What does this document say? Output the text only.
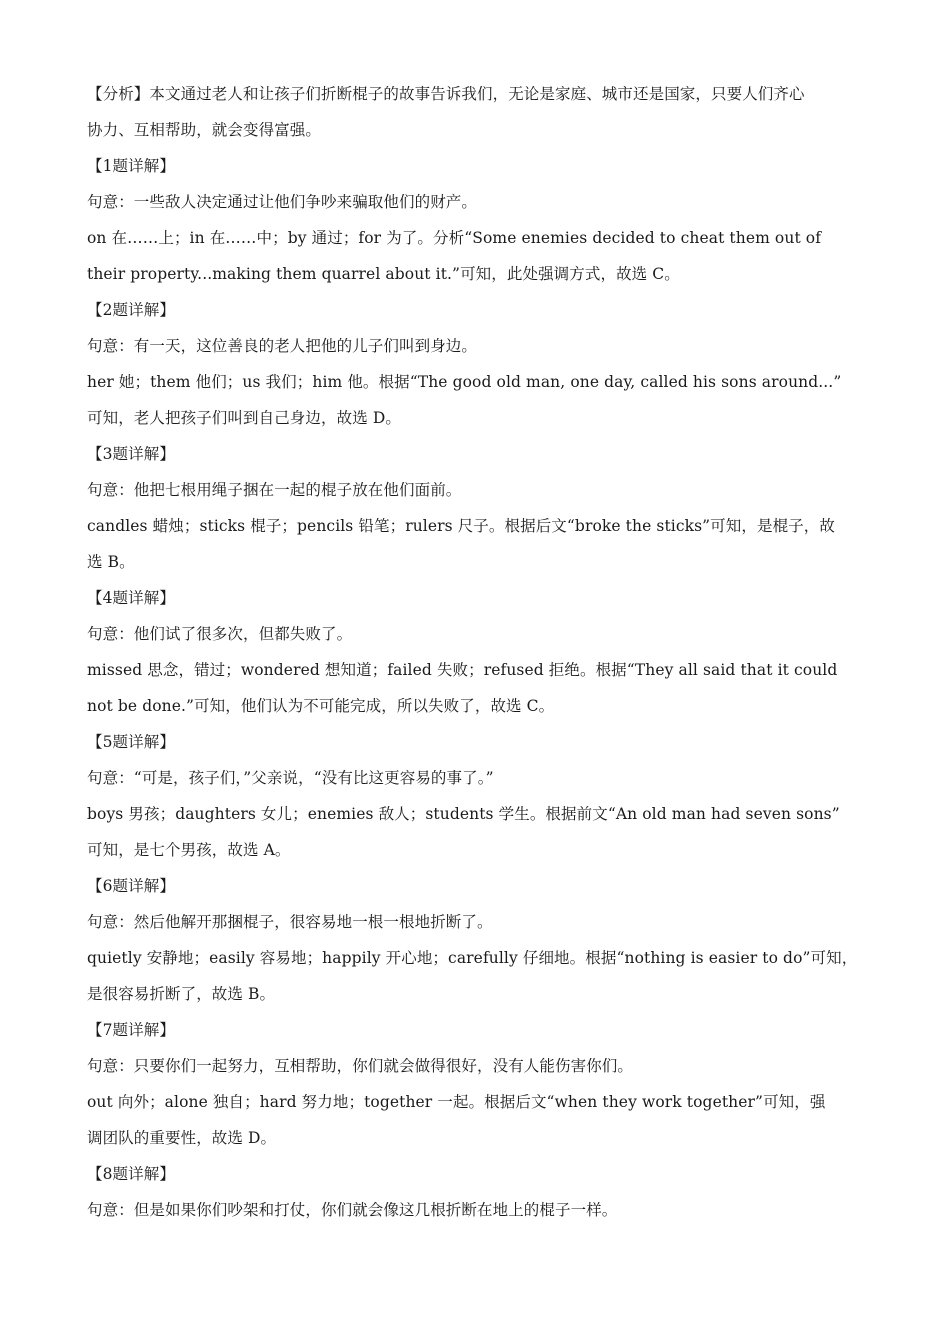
【分析】本文通过老人和让孩子们折断棍子的故事告诉我们，无论是家庭、城市还是国家，只要人们齐心
协力、互相帮助，就会变得富强。
【1题详解】
句意：一些敌人决定通过让他们争吵来骗取他们的财产。
on 在……上；in 在……中；by 通过；for 为了。分析“Some enemies decided to cheat them out of
their property...making them quarrel about it.”可知，此处强调方式，故选 C。
【2题详解】
句意：有一天，这位善良的老人把他的儿子们叫到身边。
her 她；them 他们；us 我们；him 他。根据“The good old man, one day, called his sons around...”
可知，老人把孩子们叫到自己身边，故选 D。
【3题详解】
句意：他把七根用绳子捆在一起的棍子放在他们面前。
candles 蜡烛；sticks 棍子；pencils 铅笔；rulers 尺子。根据后文“broke the sticks”可知，是棍子，故
选 B。
【4题详解】
句意：他们试了很多次，但都失败了。
missed 思念，错过；wondered 想知道；failed 失败；refused 拒绝。根据“They all said that it could
not be done.”可知，他们认为不可能完成，所以失败了，故选 C。
【5题详解】
句意：“可是，孩子们，”父亲说，“没有比这更容易的事了。”
boys 男孩；daughters 女儿；enemies 敌人；students 学生。根据前文“An old man had seven sons”
可知，是七个男孩，故选 A。
【6题详解】
句意：然后他解开那捆棍子，很容易地一根一根地折断了。
quietly 安静地；easily 容易地；happily 开心地；carefully 仔细地。根据“nothing is easier to do”可知，
是很容易折断了，故选 B。
【7题详解】
句意：只要你们一起努力，互相帮助，你们就会做得很好，没有人能伤害你们。
out 向外；alone 独自；hard 努力地；together 一起。根据后文“when they work together”可知，强
调团队的重要性，故选 D。
【8题详解】
句意：但是如果你们吵架和打仗，你们就会像这几根折断在地上的棍子一样。
